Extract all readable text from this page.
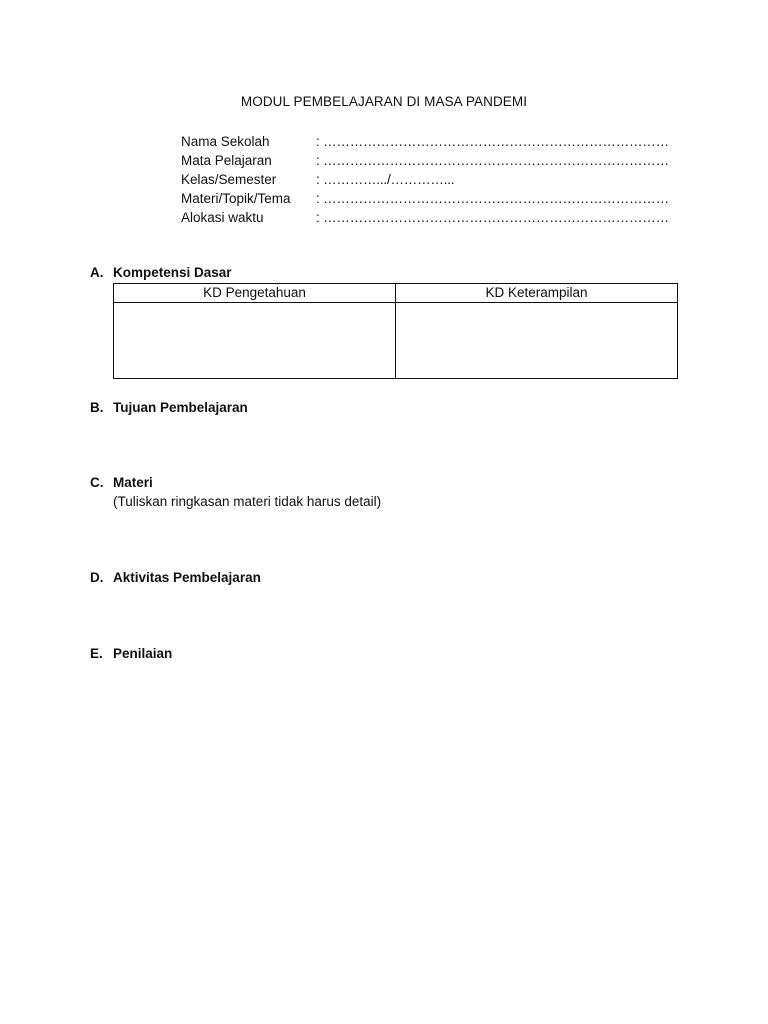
MODUL PEMBELAJARAN DI MASA PANDEMI
Nama Sekolah	: ……………………………………………………………………
Mata Pelajaran	: ……………………………………………………………………
Kelas/Semester	: ………….../…………...
Materi/Topik/Tema	: ……………………………………………………………………
Alokasi waktu	: ……………………………………………………………………
A. Kompetensi Dasar
KD Pengetahuan	KD Keterampilan

B. Tujuan Pembelajaran
C. Materi
(Tuliskan ringkasan materi tidak harus detail)
D. Aktivitas Pembelajaran
E. Penilaian
